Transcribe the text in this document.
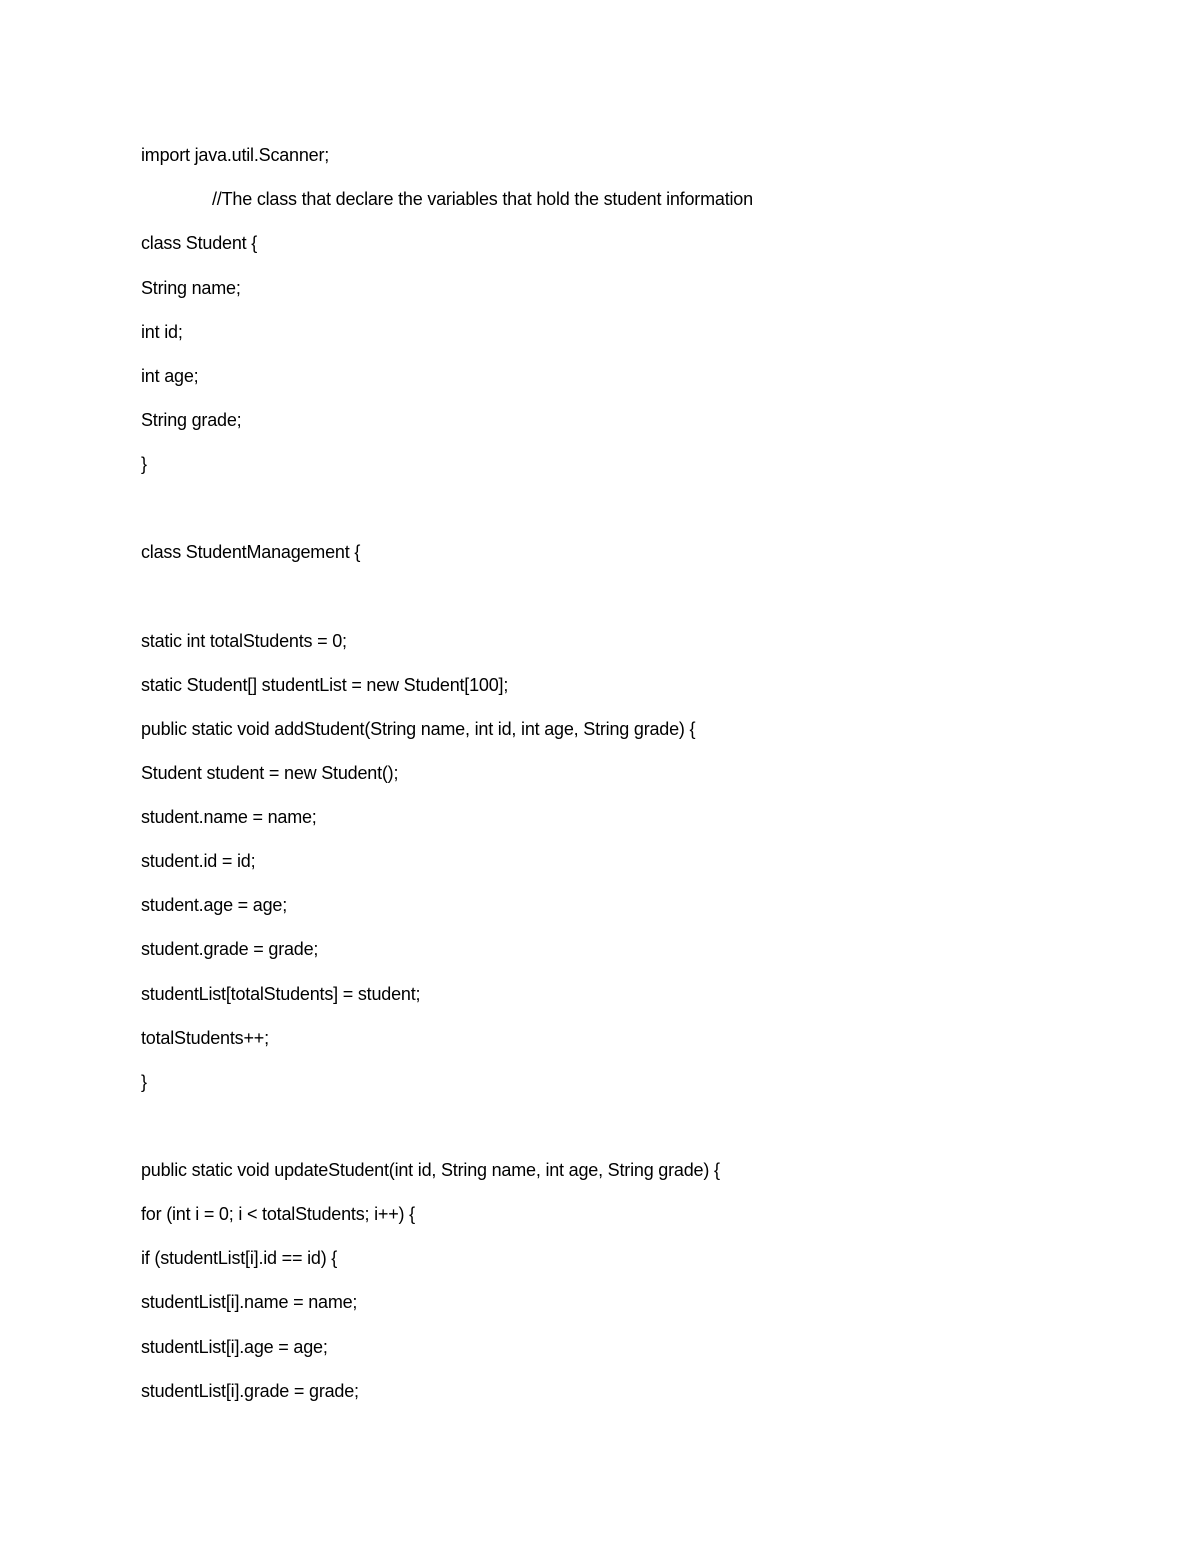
import java.util.Scanner;
//The class that declare the variables that hold the student information
class Student {
String name;
int id;
int age;
String grade;
}
class StudentManagement {
static int totalStudents = 0;
static Student[] studentList = new Student[100];
public static void addStudent(String name, int id, int age, String grade) {
Student student = new Student();
student.name = name;
student.id = id;
student.age = age;
student.grade = grade;
studentList[totalStudents] = student;
totalStudents++;
}
public static void updateStudent(int id, String name, int age, String grade) {
for (int i = 0; i < totalStudents; i++) {
if (studentList[i].id == id) {
studentList[i].name = name;
studentList[i].age = age;
studentList[i].grade = grade;
